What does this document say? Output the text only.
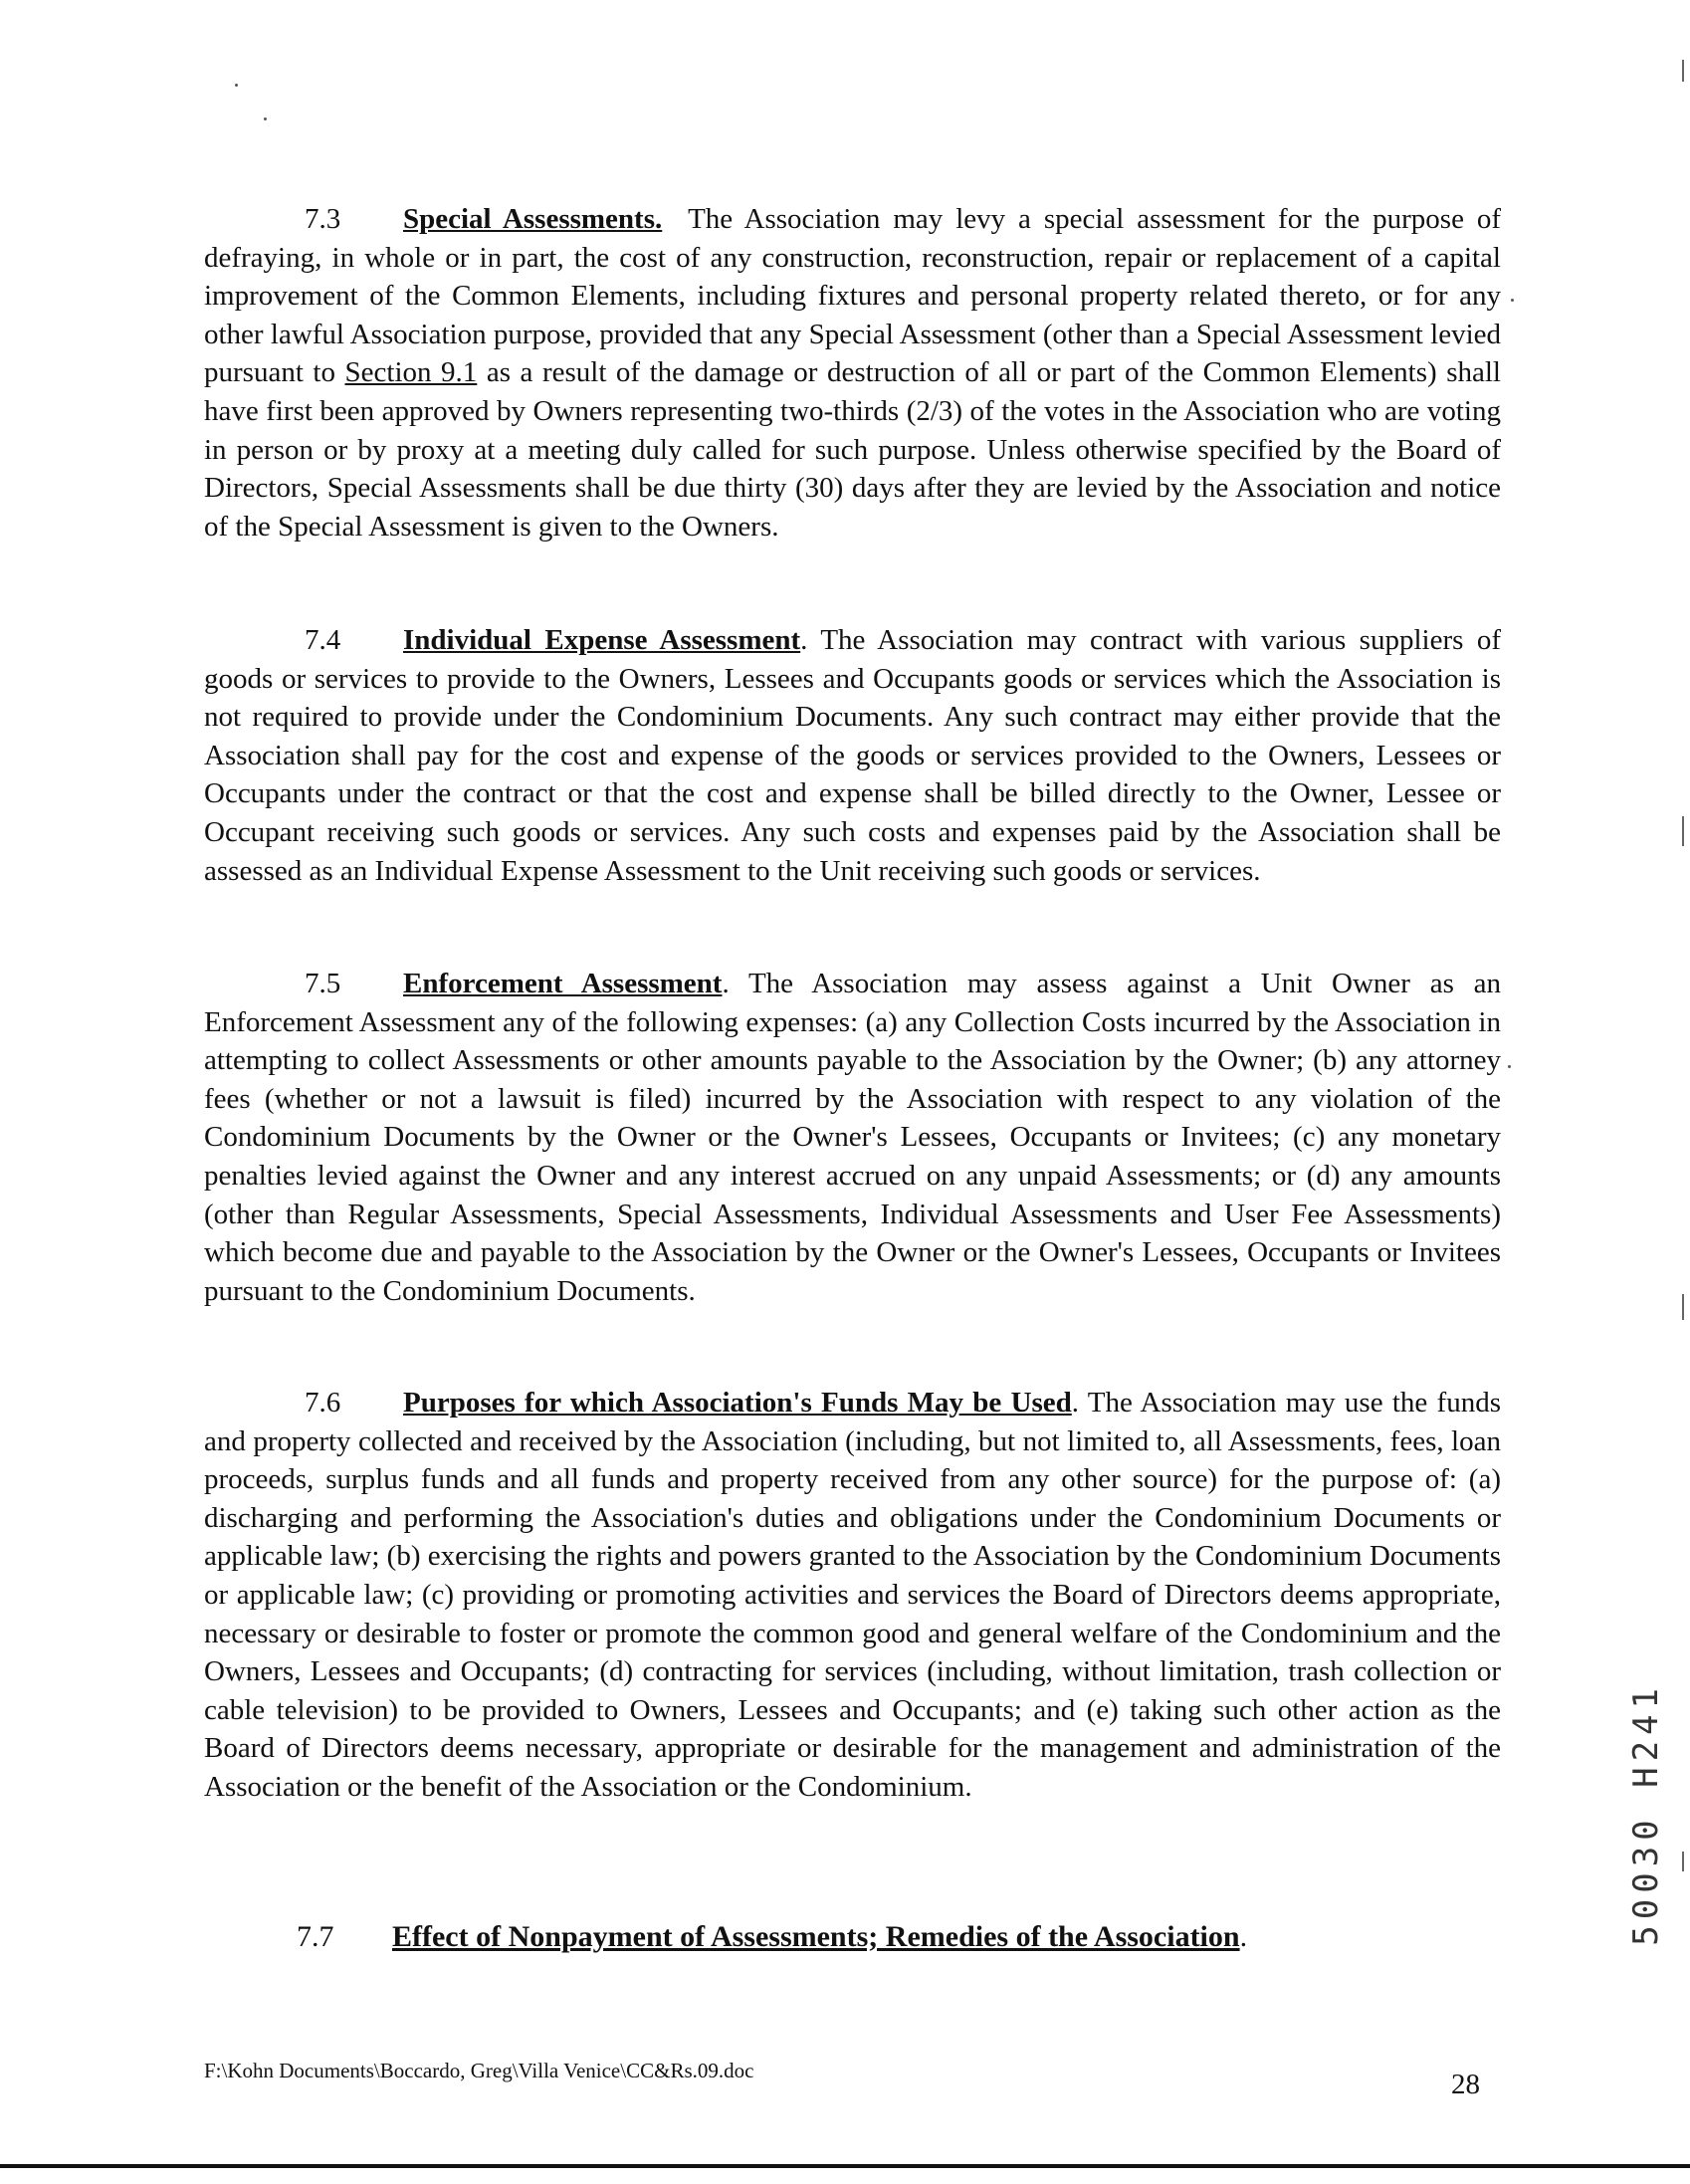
7.3 Special Assessments. The Association may levy a special assessment for the purpose of defraying, in whole or in part, the cost of any construction, reconstruction, repair or replacement of a capital improvement of the Common Elements, including fixtures and personal property related thereto, or for any other lawful Association purpose, provided that any Special Assessment (other than a Special Assessment levied pursuant to Section 9.1 as a result of the damage or destruction of all or part of the Common Elements) shall have first been approved by Owners representing two-thirds (2/3) of the votes in the Association who are voting in person or by proxy at a meeting duly called for such purpose. Unless otherwise specified by the Board of Directors, Special Assessments shall be due thirty (30) days after they are levied by the Association and notice of the Special Assessment is given to the Owners.

7.4 Individual Expense Assessment. The Association may contract with various suppliers of goods or services to provide to the Owners, Lessees and Occupants goods or services which the Association is not required to provide under the Condominium Documents. Any such contract may either provide that the Association shall pay for the cost and expense of the goods or services provided to the Owners, Lessees or Occupants under the contract or that the cost and expense shall be billed directly to the Owner, Lessee or Occupant receiving such goods or services. Any such costs and expenses paid by the Association shall be assessed as an Individual Expense Assessment to the Unit receiving such goods or services.

7.5 Enforcement Assessment. The Association may assess against a Unit Owner as an Enforcement Assessment any of the following expenses: (a) any Collection Costs incurred by the Association in attempting to collect Assessments or other amounts payable to the Association by the Owner; (b) any attorney fees (whether or not a lawsuit is filed) incurred by the Association with respect to any violation of the Condominium Documents by the Owner or the Owner's Lessees, Occupants or Invitees; (c) any monetary penalties levied against the Owner and any interest accrued on any unpaid Assessments; or (d) any amounts (other than Regular Assessments, Special Assessments, Individual Assessments and User Fee Assessments) which become due and payable to the Association by the Owner or the Owner's Lessees, Occupants or Invitees pursuant to the Condominium Documents.

7.6 Purposes for which Association's Funds May be Used. The Association may use the funds and property collected and received by the Association (including, but not limited to, all Assessments, fees, loan proceeds, surplus funds and all funds and property received from any other source) for the purpose of: (a) discharging and performing the Association's duties and obligations under the Condominium Documents or applicable law; (b) exercising the rights and powers granted to the Association by the Condominium Documents or applicable law; (c) providing or promoting activities and services the Board of Directors deems appropriate, necessary or desirable to foster or promote the common good and general welfare of the Condominium and the Owners, Lessees and Occupants; (d) contracting for services (including, without limitation, trash collection or cable television) to be provided to Owners, Lessees and Occupants; and (e) taking such other action as the Board of Directors deems necessary, appropriate or desirable for the management and administration of the Association or the benefit of the Association or the Condominium.

7.7 Effect of Nonpayment of Assessments; Remedies of the Association.

F:\Kohn Documents\Boccardo, Greg\Villa Venice\CC&Rs.09.doc	28
50030 H241
